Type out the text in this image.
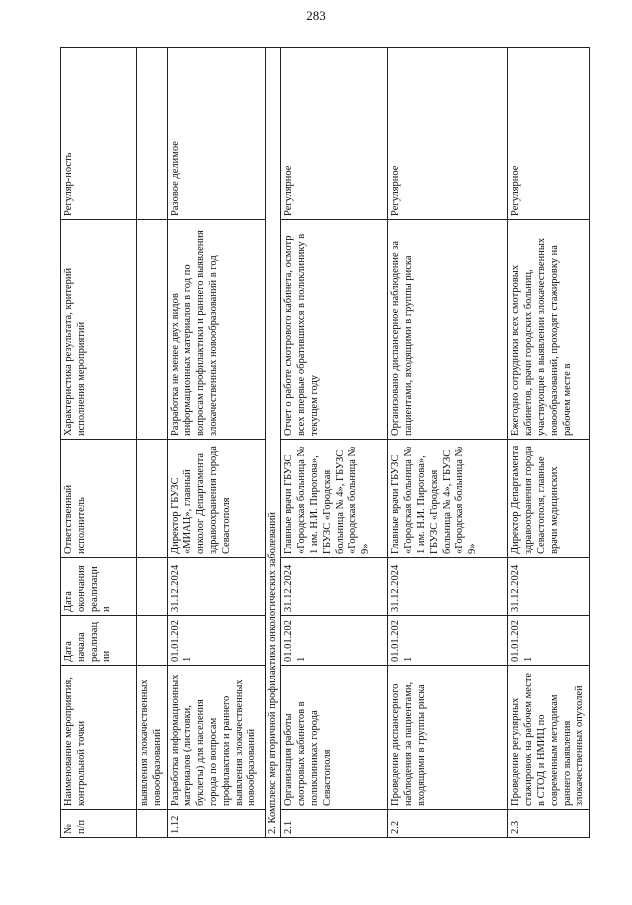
283
№ п/п	Наименование мероприятия, контрольной точки	Дата начала реализации	Дата окончания реализации	Ответственный исполнитель	Характеристика результата, критерий исполнения мероприятий	Регуляр-ность
	выявления злокачественных новообразований					
1.12	Разработка информационных материалов (листовки, буклеты) для населения города по вопросам профилактики и раннего выявления злокачественных новообразований	01.01.2021	31.12.2024	Директор ГБУЗС «МИАЦ», главный онколог Департамента здравоохранения города Севастополя	Разработка не менее двух видов информационных материалов в год по вопросам профилактики и раннего выявления злокачественных новообразований в год	Разовое делимое
2. Комплекс мер вторичной профилактики онкологических заболеваний						
2.1	Организация работы смотровых кабинетов в поликлиниках города Севастополя	01.01.2021	31.12.2024	Главные врачи ГБУЗС «Городская больница № 1 им. Н.И. Пирогова», ГБУЗС «Городская больница № 4», ГБУЗС «Городская больница № 9»	Отчет о работе смотрового кабинета, осмотр всех впервые обратившихся в поликлинику в текущем году	Регулярное
2.2	Проведение диспансерного наблюдения за пациентами, входящими в группы риска	01.01.2021	31.12.2024	Главные врачи ГБУЗС «Городская больница № 1 им. Н.И. Пирогова», ГБУЗС «Городская больница № 4», ГБУЗС «Городская больница № 9»	Организовано диспансерное наблюдение за пациентами, входящими в группы риска	Регулярное
2.3	Проведение регулярных стажировок на рабочем месте в СТОД и НМИЦ по современным методикам раннего выявления злокачественных опухолей	01.01.2021	31.12.2024	Директор Департамента здравоохранения города Севастополя, главные врачи медицинских	Ежегодно сотрудники всех смотровых кабинетов, врачи городских больниц, участвующие в выявлении злокачественных новообразований, проходят стажировку на рабочем месте в	Регулярное
